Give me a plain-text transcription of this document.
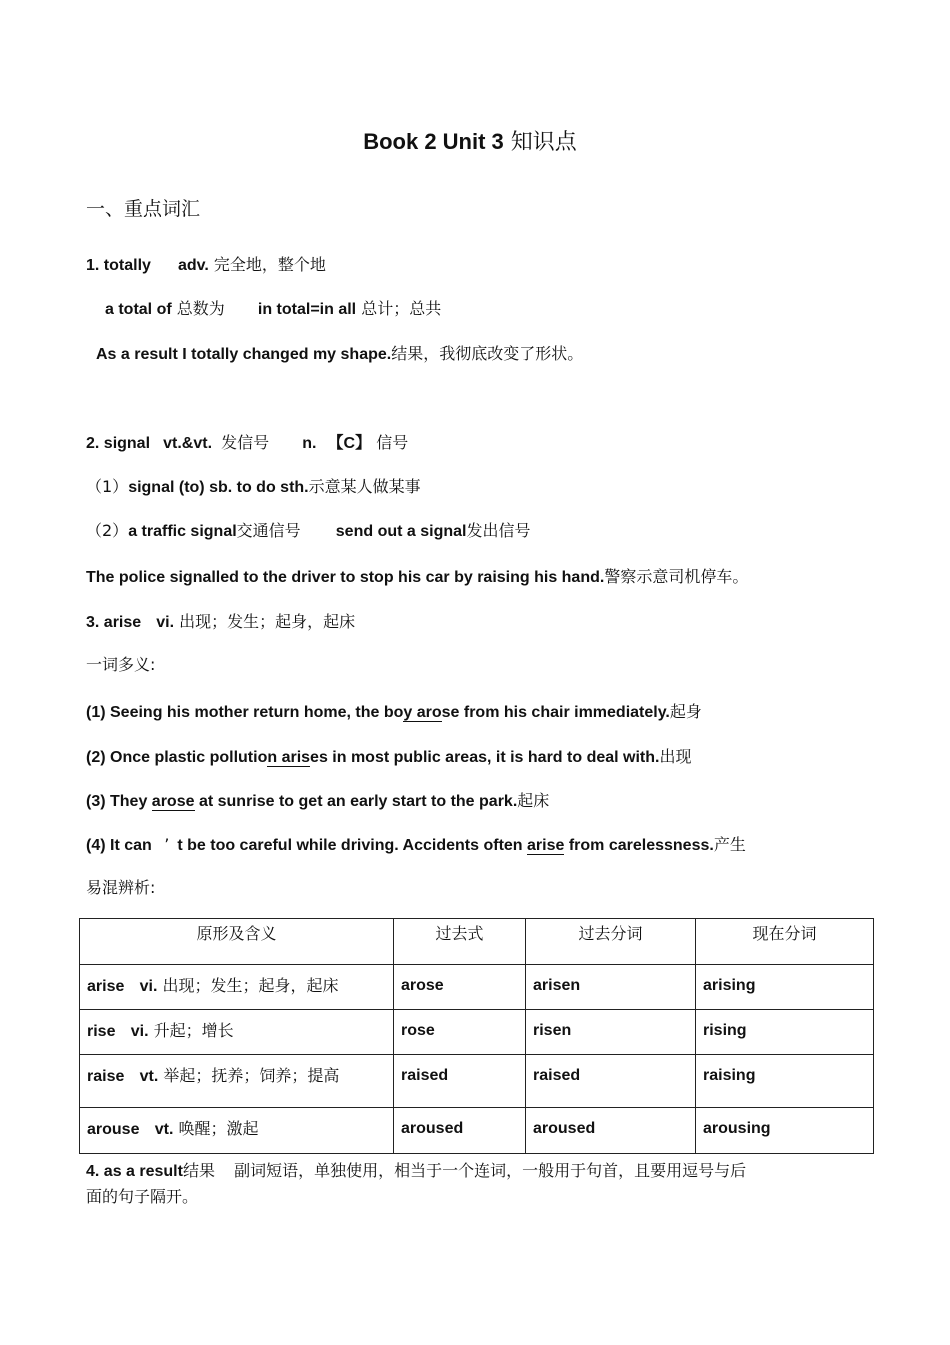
Book 2 Unit 3 知识点
一、重点词汇
1. totally adv. 完全地，整个地
a total of 总数为 in total=in all 总计；总共
As a result I totally changed my shape.结果，我彻底改变了形状。
2. signal vt.&vt. 发信号 n. 【C】 信号
（1）signal (to) sb. to do sth.示意某人做某事
（2）a traffic signal交通信号 send out a signal发出信号
The police signalled to the driver to stop his car by raising his hand.警察示意司机停车。
3. arise vi. 出现；发生；起身，起床
一词多义:
(1) Seeing his mother return home, the boy arose from his chair immediately.起身
(2) Once plastic pollution arises in most public areas, it is hard to deal with.出现
(3) They arose at sunrise to get an early start to the park.起床
(4) It can ’ t be too careful while driving. Accidents often arise from carelessness.产生
易混辨析:
原形及含义	过去式	过去分词	现在分词
arise vi. 出现；发生；起身，起床	arose	arisen	arising
rise vi. 升起；增长	rose	risen	rising
raise vt. 举起；抚养；饲养；提高	raised	raised	raising
arouse vt. 唤醒；激起	aroused	aroused	arousing
4. as a result结果 副词短语，单独使用，相当于一个连词，一般用于句首，且要用逗号与后
面的句子隔开。
